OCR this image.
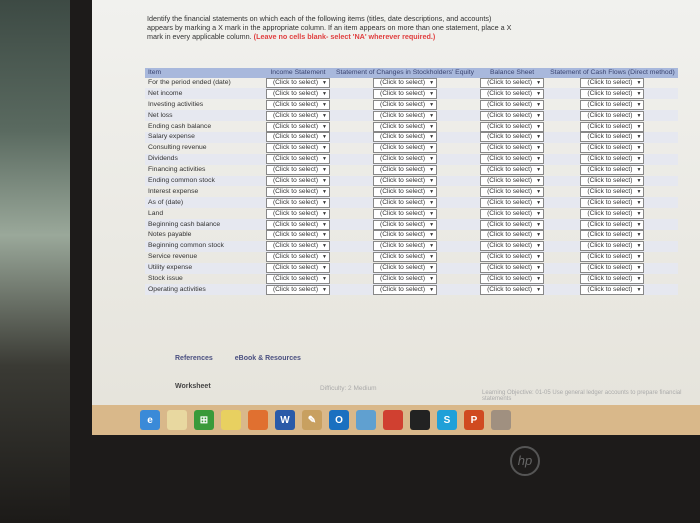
Identify the financial statements on which each of the following items (titles, date descriptions, and accounts) appears by marking a X mark in the appropriate column. If an item appears on more than one statement, place a X mark in every applicable column. (Leave no cells blank- select 'NA' wherever required.)
Item	Income Statement	Statement of Changes in Stockholders' Equity	Balance Sheet	Statement of Cash Flows (Direct method)
For the period ended (date)	(Click to select) ▼	(Click to select) ▼	(Click to select) ▼	(Click to select) ▼

Net income	(Click to select) ▼	(Click to select) ▼	(Click to select) ▼	(Click to select) ▼

Investing activities	(Click to select) ▼	(Click to select) ▼	(Click to select) ▼	(Click to select) ▼

Net loss	(Click to select) ▼	(Click to select) ▼	(Click to select) ▼	(Click to select) ▼

Ending cash balance	(Click to select) ▼	(Click to select) ▼	(Click to select) ▼	(Click to select) ▼

Salary expense	(Click to select) ▼	(Click to select) ▼	(Click to select) ▼	(Click to select) ▼

Consulting revenue	(Click to select) ▼	(Click to select) ▼	(Click to select) ▼	(Click to select) ▼

Dividends	(Click to select) ▼	(Click to select) ▼	(Click to select) ▼	(Click to select) ▼

Financing activities	(Click to select) ▼	(Click to select) ▼	(Click to select) ▼	(Click to select) ▼

Ending common stock	(Click to select) ▼	(Click to select) ▼	(Click to select) ▼	(Click to select) ▼

Interest expense	(Click to select) ▼	(Click to select) ▼	(Click to select) ▼	(Click to select) ▼

As of (date)	(Click to select) ▼	(Click to select) ▼	(Click to select) ▼	(Click to select) ▼

Land	(Click to select) ▼	(Click to select) ▼	(Click to select) ▼	(Click to select) ▼

Beginning cash balance	(Click to select) ▼	(Click to select) ▼	(Click to select) ▼	(Click to select) ▼

Notes payable	(Click to select) ▼	(Click to select) ▼	(Click to select) ▼	(Click to select) ▼

Beginning common stock	(Click to select) ▼	(Click to select) ▼	(Click to select) ▼	(Click to select) ▼

Service revenue	(Click to select) ▼	(Click to select) ▼	(Click to select) ▼	(Click to select) ▼

Utility expense	(Click to select) ▼	(Click to select) ▼	(Click to select) ▼	(Click to select) ▼

Stock issue	(Click to select) ▼	(Click to select) ▼	(Click to select) ▼	(Click to select) ▼

Operating activities	(Click to select) ▼	(Click to select) ▼	(Click to select) ▼	(Click to select) ▼
References	eBook & Resources
Worksheet	Difficulty: 2 Medium
Learning Objective: 01-05 Use general ledger accounts to prepare financial statements
e	⊞	W	✎	O	S	P
hp
